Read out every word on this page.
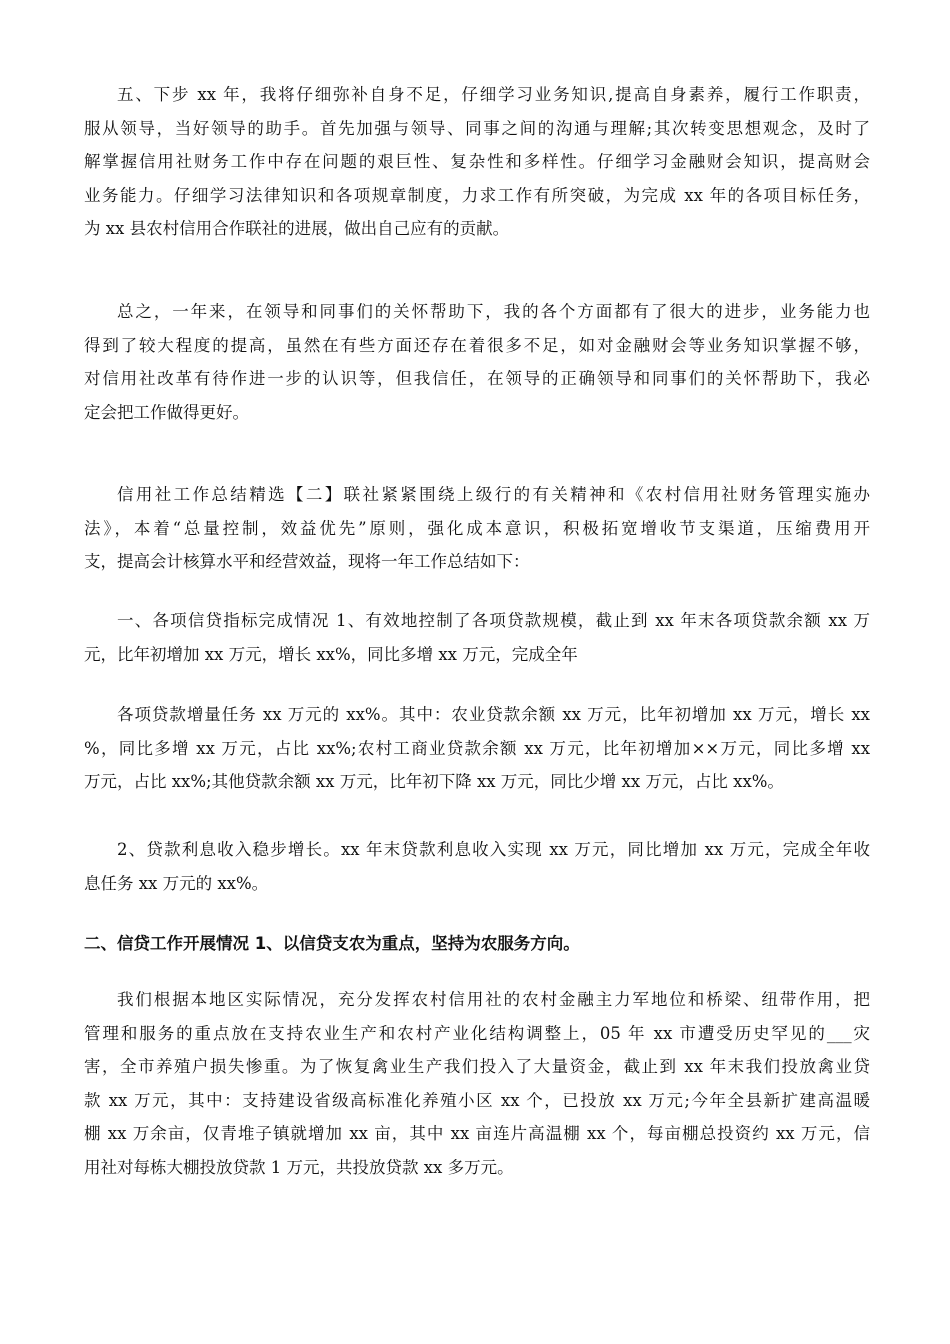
五、下步 xx 年，我将仔细弥补自身不足，仔细学习业务知识,提高自身素养，履行工作职责，
服从领导，当好领导的助手。首先加强与领导、同事之间的沟通与理解;其次转变思想观念，及时了
解掌握信用社财务工作中存在问题的艰巨性、复杂性和多样性。仔细学习金融财会知识，提高财会
业务能力。仔细学习法律知识和各项规章制度，力求工作有所突破，为完成 xx 年的各项目标任务，
为 xx 县农村信用合作联社的进展，做出自己应有的贡献。
总之，一年来，在领导和同事们的关怀帮助下，我的各个方面都有了很大的进步，业务能力也
得到了较大程度的提高，虽然在有些方面还存在着很多不足，如对金融财会等业务知识掌握不够，
对信用社改革有待作进一步的认识等，但我信任，在领导的正确领导和同事们的关怀帮助下，我必
定会把工作做得更好。
信用社工作总结精选【二】联社紧紧围绕上级行的有关精神和《农村信用社财务管理实施办
法》，本着“总量控制，效益优先”原则，强化成本意识，积极拓宽增收节支渠道，压缩费用开
支，提高会计核算水平和经营效益，现将一年工作总结如下：
一、各项信贷指标完成情况 1、有效地控制了各项贷款规模，截止到 xx 年末各项贷款余额 xx 万
元，比年初增加 xx 万元，增长 xx%，同比多增 xx 万元，完成全年
各项贷款增量任务 xx 万元的 xx%。其中：农业贷款余额 xx 万元，比年初增加 xx 万元，增长 xx
%，同比多增 xx 万元，占比 xx%;农村工商业贷款余额 xx 万元，比年初增加××万元，同比多增 xx
万元，占比 xx%;其他贷款余额 xx 万元，比年初下降 xx 万元，同比少增 xx 万元，占比 xx%。
2、贷款利息收入稳步增长。xx 年末贷款利息收入实现 xx 万元，同比增加 xx 万元，完成全年收
息任务 xx 万元的 xx%。
二、信贷工作开展情况 1、以信贷支农为重点，坚持为农服务方向。
我们根据本地区实际情况，充分发挥农村信用社的农村金融主力军地位和桥梁、纽带作用，把
管理和服务的重点放在支持农业生产和农村产业化结构调整上，05 年 xx 市遭受历史罕见的___灾
害，全市养殖户损失惨重。为了恢复禽业生产我们投入了大量资金，截止到 xx 年末我们投放禽业贷
款 xx 万元，其中：支持建设省级高标准化养殖小区 xx 个，已投放 xx 万元;今年全县新扩建高温暖
棚 xx 万余亩，仅青堆子镇就增加 xx 亩，其中 xx 亩连片高温棚 xx 个，每亩棚总投资约 xx 万元，信
用社对每栋大棚投放贷款 1 万元，共投放贷款 xx 多万元。
